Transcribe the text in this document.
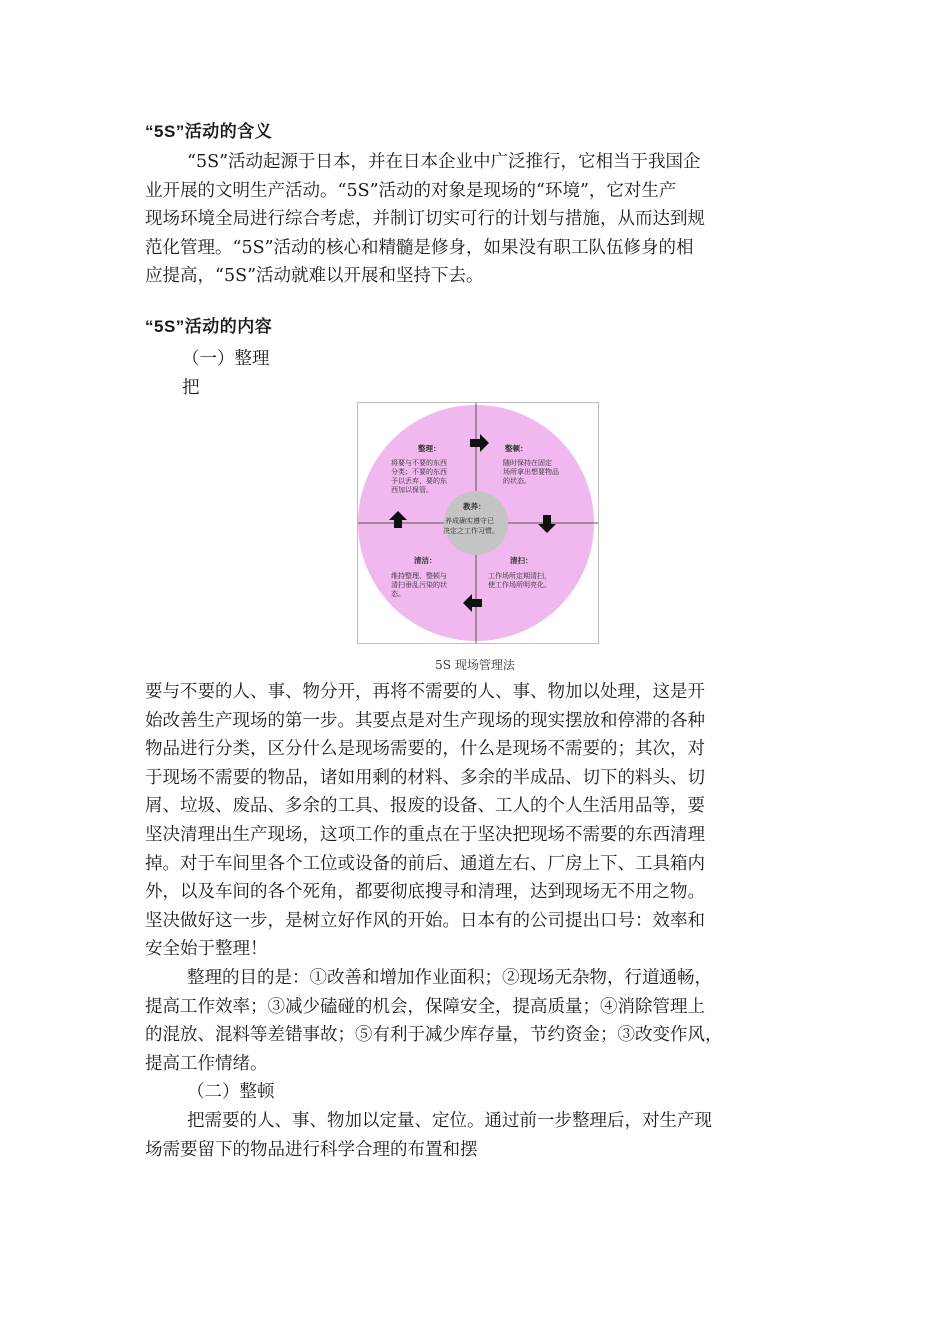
“5S”活动的含义
“5S”活动起源于日本，并在日本企业中广泛推行，它相当于我国企
业开展的文明生产活动。“5S”活动的对象是现场的“环境”，它对生产
现场环境全局进行综合考虑，并制订切实可行的计划与措施，从而达到规
范化管理。“5S”活动的核心和精髓是修身，如果没有职工队伍修身的相
应提高，“5S”活动就难以开展和坚持下去。
“5S”活动的内容
（一）整理
把
教养：
养成确实遵守已
决定之工作习惯。
整理：
将要与不要的东西
分类；不要的东西
予以丢弃，要的东
西加以保管。
整顿：
随时保持在固定
场所拿出想要物品
的状态。
清扫：
工作场所定期清扫，
使工作场所明亮化。
清洁：
维持整理、整顿与
清扫垂乱污染的状
态。
5S 现场管理法
要与不要的人、事、物分开，再将不需要的人、事、物加以处理，这是开
始改善生产现场的第一步。其要点是对生产现场的现实摆放和停滞的各种
物品进行分类，区分什么是现场需要的，什么是现场不需要的；其次，对
于现场不需要的物品，诸如用剩的材料、多余的半成品、切下的料头、切
屑、垃圾、废品、多余的工具、报废的设备、工人的个人生活用品等，要
坚决清理出生产现场，这项工作的重点在于坚决把现场不需要的东西清理
掉。对于车间里各个工位或设备的前后、通道左右、厂房上下、工具箱内
外，以及车间的各个死角，都要彻底搜寻和清理，达到现场无不用之物。
坚决做好这一步，是树立好作风的开始。日本有的公司提出口号：效率和
安全始于整理！
整理的目的是：①改善和增加作业面积；②现场无杂物，行道通畅，
提高工作效率；③减少磕碰的机会，保障安全，提高质量；④消除管理上
的混放、混料等差错事故；⑤有利于减少库存量，节约资金；③改变作风，
提高工作情绪。
（二）整顿
把需要的人、事、物加以定量、定位。通过前一步整理后，对生产现
场需要留下的物品进行科学合理的布置和摆
